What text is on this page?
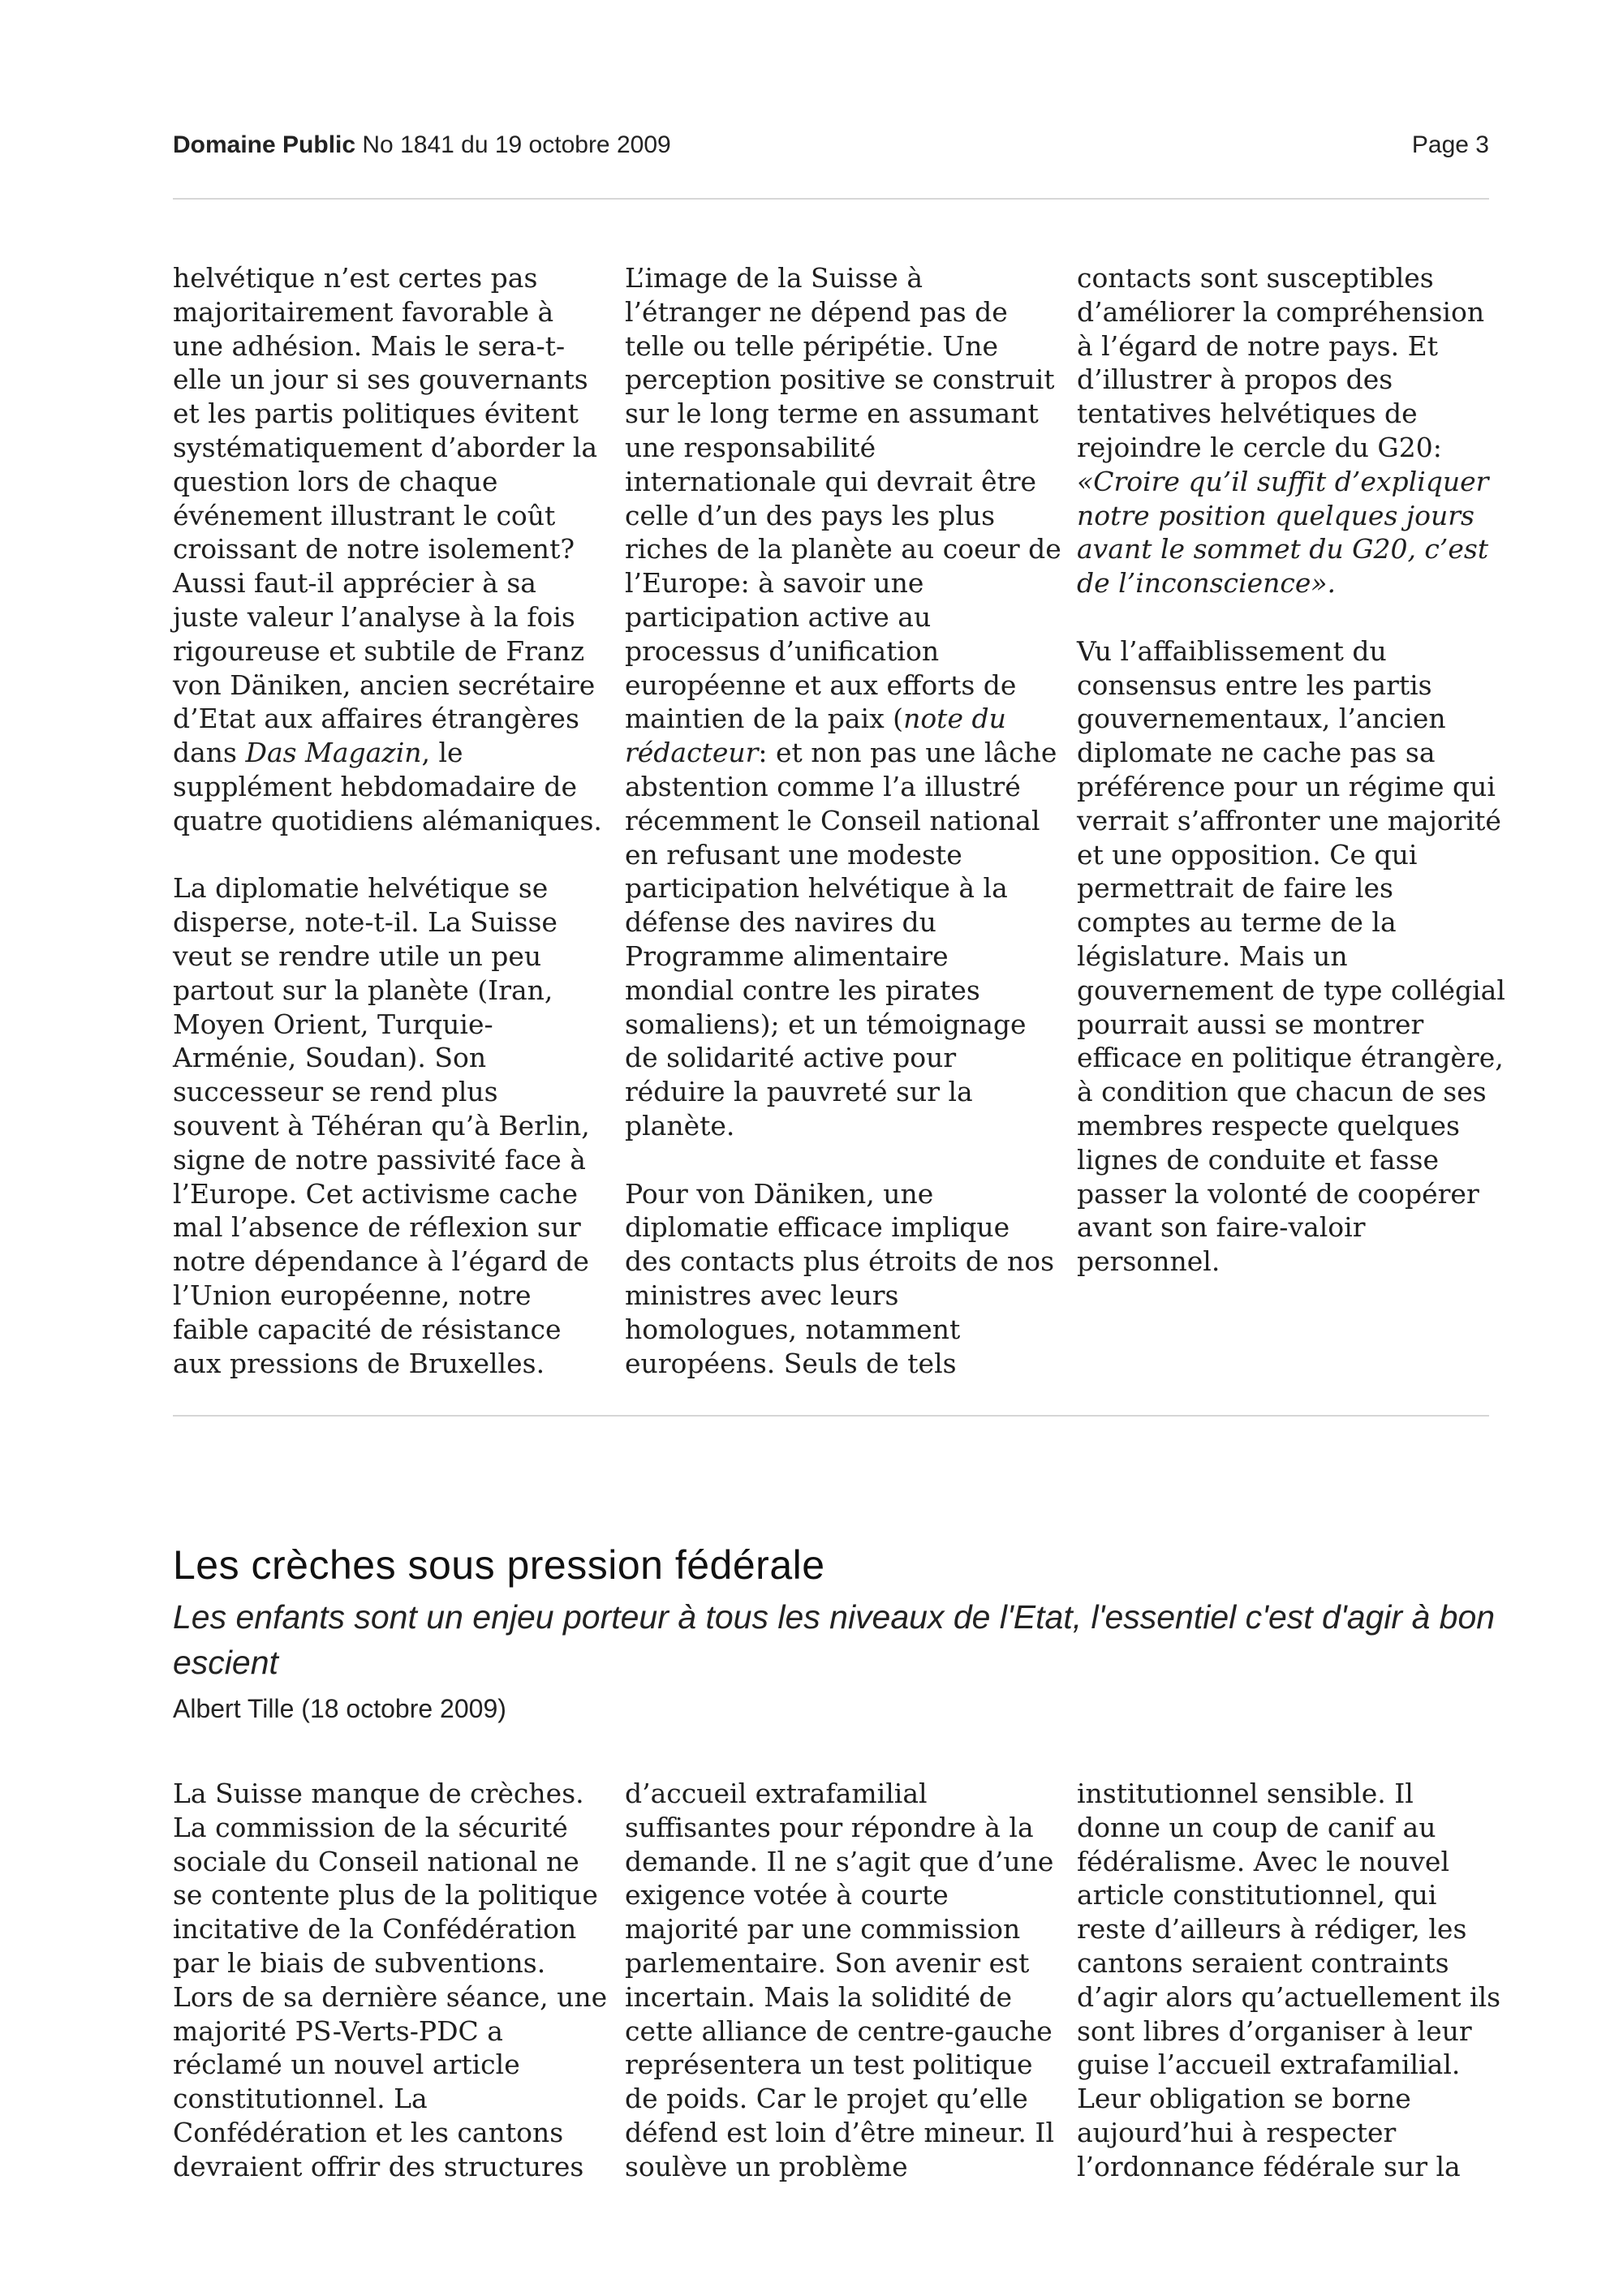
Domaine Public No 1841 du 19 octobre 2009	Page 3

helvétique n’est certes pas
majoritairement favorable à
une adhésion. Mais le sera-t-
elle un jour si ses gouvernants
et les partis politiques évitent
systématiquement d’aborder la
question lors de chaque
événement illustrant le coût
croissant de notre isolement?
Aussi faut-il apprécier à sa
juste valeur l’analyse à la fois
rigoureuse et subtile de Franz
von Däniken, ancien secrétaire
d’Etat aux affaires étrangères
dans Das Magazin, le
supplément hebdomadaire de
quatre quotidiens alémaniques.

La diplomatie helvétique se
disperse, note-t-il. La Suisse
veut se rendre utile un peu
partout sur la planète (Iran,
Moyen Orient, Turquie-
Arménie, Soudan). Son
successeur se rend plus
souvent à Téhéran qu’à Berlin,
signe de notre passivité face à
l’Europe. Cet activisme cache
mal l’absence de réflexion sur
notre dépendance à l’égard de
l’Union européenne, notre
faible capacité de résistance
aux pressions de Bruxelles.

L’image de la Suisse à
l’étranger ne dépend pas de
telle ou telle péripétie. Une
perception positive se construit
sur le long terme en assumant
une responsabilité
internationale qui devrait être
celle d’un des pays les plus
riches de la planète au coeur de
l’Europe: à savoir une
participation active au
processus d’unification
européenne et aux efforts de
maintien de la paix (note du
rédacteur: et non pas une lâche
abstention comme l’a illustré
récemment le Conseil national
en refusant une modeste
participation helvétique à la
défense des navires du
Programme alimentaire
mondial contre les pirates
somaliens); et un témoignage
de solidarité active pour
réduire la pauvreté sur la
planète.

Pour von Däniken, une
diplomatie efficace implique
des contacts plus étroits de nos
ministres avec leurs
homologues, notamment
européens. Seuls de tels

contacts sont susceptibles
d’améliorer la compréhension
à l’égard de notre pays. Et
d’illustrer à propos des
tentatives helvétiques de
rejoindre le cercle du G20:
«Croire qu’il suffit d’expliquer
notre position quelques jours
avant le sommet du G20, c’est
de l’inconscience».

Vu l’affaiblissement du
consensus entre les partis
gouvernementaux, l’ancien
diplomate ne cache pas sa
préférence pour un régime qui
verrait s’affronter une majorité
et une opposition. Ce qui
permettrait de faire les
comptes au terme de la
législature. Mais un
gouvernement de type collégial
pourrait aussi se montrer
efficace en politique étrangère,
à condition que chacun de ses
membres respecte quelques
lignes de conduite et fasse
passer la volonté de coopérer
avant son faire-valoir
personnel.

Les crèches sous pression fédérale
Les enfants sont un enjeu porteur à tous les niveaux de l'Etat, l'essentiel c'est d'agir à bon escient
Albert Tille (18 octobre 2009)

La Suisse manque de crèches.
La commission de la sécurité
sociale du Conseil national ne
se contente plus de la politique
incitative de la Confédération
par le biais de subventions.
Lors de sa dernière séance, une
majorité PS-Verts-PDC a
réclamé un nouvel article
constitutionnel. La
Confédération et les cantons
devraient offrir des structures

d’accueil extrafamilial
suffisantes pour répondre à la
demande. Il ne s’agit que d’une
exigence votée à courte
majorité par une commission
parlementaire. Son avenir est
incertain. Mais la solidité de
cette alliance de centre-gauche
représentera un test politique
de poids. Car le projet qu’elle
défend est loin d’être mineur. Il
soulève un problème

institutionnel sensible. Il
donne un coup de canif au
fédéralisme. Avec le nouvel
article constitutionnel, qui
reste d’ailleurs à rédiger, les
cantons seraient contraints
d’agir alors qu’actuellement ils
sont libres d’organiser à leur
guise l’accueil extrafamilial.
Leur obligation se borne
aujourd’hui à respecter
l’ordonnance fédérale sur la
